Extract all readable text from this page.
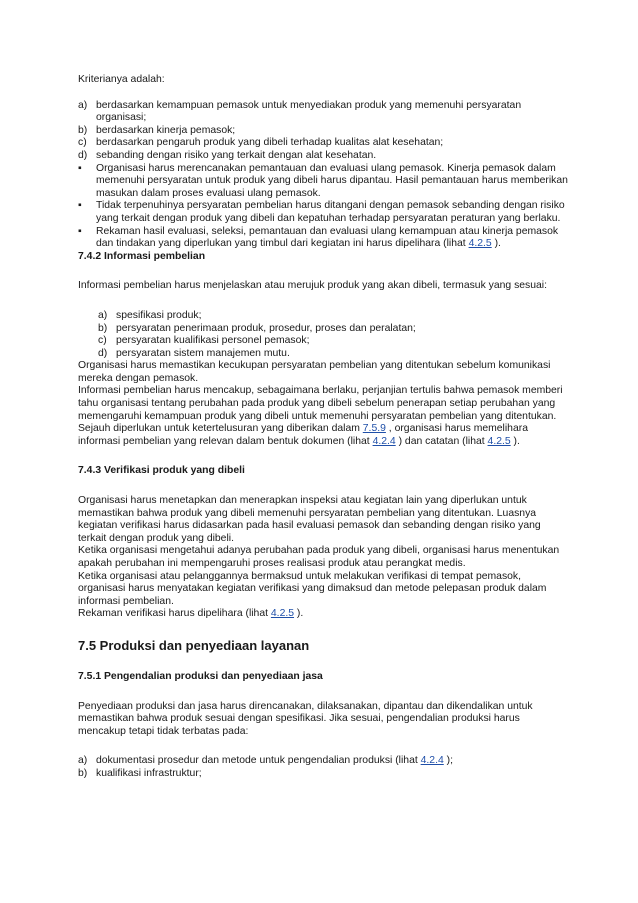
Kriterianya adalah:

a) berdasarkan kemampuan pemasok untuk menyediakan produk yang memenuhi persyaratan organisasi;
b) berdasarkan kinerja pemasok;
c) berdasarkan pengaruh produk yang dibeli terhadap kualitas alat kesehatan;
d) sebanding dengan risiko yang terkait dengan alat kesehatan.
▪ Organisasi harus merencanakan pemantauan dan evaluasi ulang pemasok. Kinerja pemasok dalam memenuhi persyaratan untuk produk yang dibeli harus dipantau. Hasil pemantauan harus memberikan masukan dalam proses evaluasi ulang pemasok.
▪ Tidak terpenuhinya persyaratan pembelian harus ditangani dengan pemasok sebanding dengan risiko yang terkait dengan produk yang dibeli dan kepatuhan terhadap persyaratan peraturan yang berlaku.
▪ Rekaman hasil evaluasi, seleksi, pemantauan dan evaluasi ulang kemampuan atau kinerja pemasok dan tindakan yang diperlukan yang timbul dari kegiatan ini harus dipelihara (lihat 4.2.5 ).
7.4.2 Informasi pembelian

Informasi pembelian harus menjelaskan atau merujuk produk yang akan dibeli, termasuk yang sesuai:

a) spesifikasi produk;
b) persyaratan penerimaan produk, prosedur, proses dan peralatan;
c) persyaratan kualifikasi personel pemasok;
d) persyaratan sistem manajemen mutu.

Organisasi harus memastikan kecukupan persyaratan pembelian yang ditentukan sebelum komunikasi mereka dengan pemasok.

Informasi pembelian harus mencakup, sebagaimana berlaku, perjanjian tertulis bahwa pemasok memberi tahu organisasi tentang perubahan pada produk yang dibeli sebelum penerapan setiap perubahan yang memengaruhi kemampuan produk yang dibeli untuk memenuhi persyaratan pembelian yang ditentukan.

Sejauh diperlukan untuk ketertelusuran yang diberikan dalam 7.5.9 , organisasi harus memelihara informasi pembelian yang relevan dalam bentuk dokumen (lihat 4.2.4 ) dan catatan (lihat 4.2.5 ).

7.4.3 Verifikasi produk yang dibeli

Organisasi harus menetapkan dan menerapkan inspeksi atau kegiatan lain yang diperlukan untuk memastikan bahwa produk yang dibeli memenuhi persyaratan pembelian yang ditentukan. Luasnya kegiatan verifikasi harus didasarkan pada hasil evaluasi pemasok dan sebanding dengan risiko yang terkait dengan produk yang dibeli.

Ketika organisasi mengetahui adanya perubahan pada produk yang dibeli, organisasi harus menentukan apakah perubahan ini mempengaruhi proses realisasi produk atau perangkat medis.

Ketika organisasi atau pelanggannya bermaksud untuk melakukan verifikasi di tempat pemasok, organisasi harus menyatakan kegiatan verifikasi yang dimaksud dan metode pelepasan produk dalam informasi pembelian.

Rekaman verifikasi harus dipelihara (lihat 4.2.5 ).

7.5 Produksi dan penyediaan layanan
7.5.1 Pengendalian produksi dan penyediaan jasa

Penyediaan produksi dan jasa harus direncanakan, dilaksanakan, dipantau dan dikendalikan untuk memastikan bahwa produk sesuai dengan spesifikasi. Jika sesuai, pengendalian produksi harus mencakup tetapi tidak terbatas pada:

a) dokumentasi prosedur dan metode untuk pengendalian produksi (lihat 4.2.4 );
b) kualifikasi infrastruktur;
